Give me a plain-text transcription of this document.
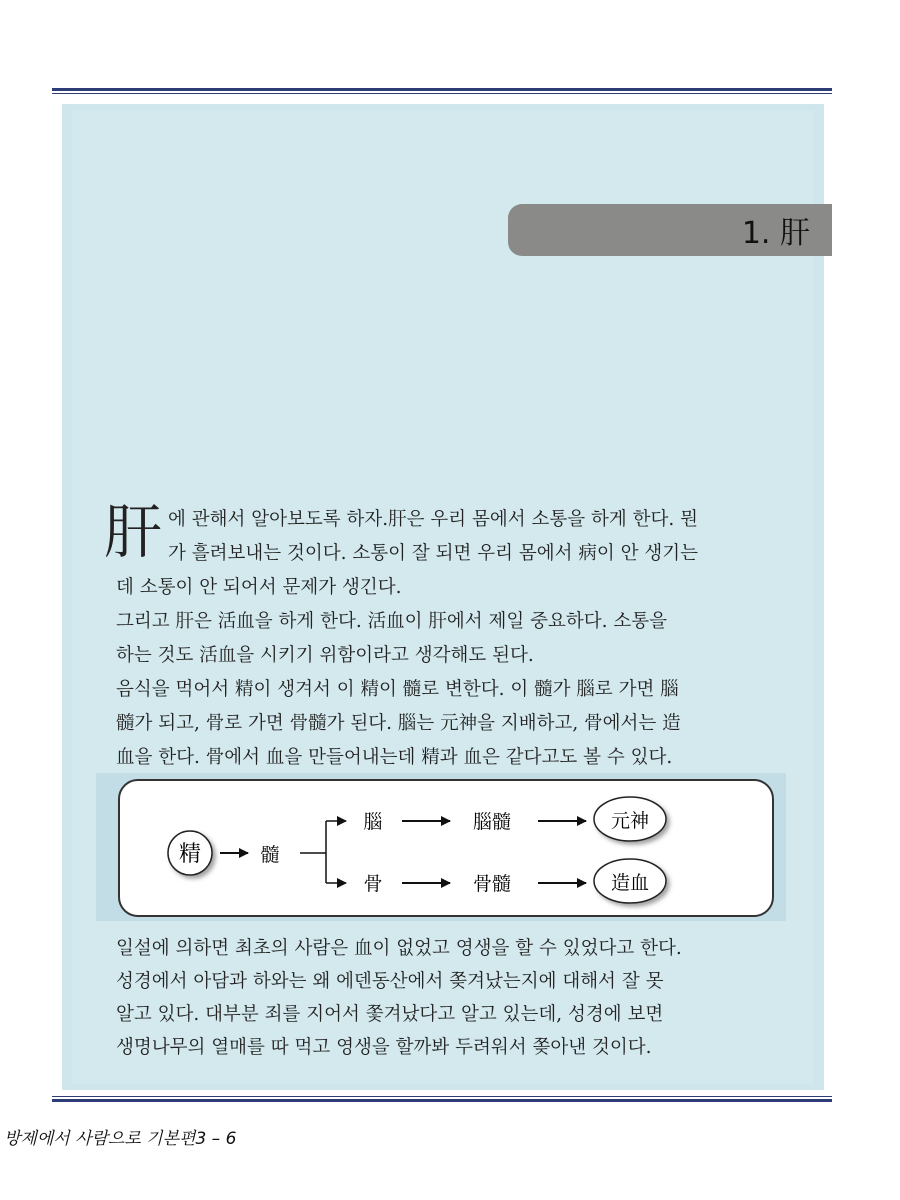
1. 肝
肝 에 관해서 알아보도록 하자.肝은 우리 몸에서 소통을 하게 한다. 뭔
가 흘려보내는 것이다. 소통이 잘 되면 우리 몸에서 病이 안 생기는
데 소통이 안 되어서 문제가 생긴다.

그리고 肝은 活血을 하게 한다. 活血이 肝에서 제일 중요하다. 소통을

하는 것도 活血을 시키기 위함이라고 생각해도 된다.

음식을 먹어서 精이 생겨서 이 精이 髓로 변한다. 이 髓가 腦로 가면 腦

髓가 되고, 骨로 가면 骨髓가 된다. 腦는 元神을 지배하고, 骨에서는 造

血을 한다. 骨에서 血을 만들어내는데 精과 血은 같다고도 볼 수 있다.

精	髓
腦	腦髓	元神
骨	骨髓	造血

일설에 의하면 최초의 사람은 血이 없었고 영생을 할 수 있었다고 한다.

성경에서 아담과 하와는 왜 에덴동산에서 쫒겨났는지에 대해서 잘 못

알고 있다. 대부분 죄를 지어서 쫓겨났다고 알고 있는데, 성경에 보면

생명나무의 열매를 따 먹고 영생을 할까봐 두려워서 쫒아낸 것이다.

방제에서 사람으로 기본편3 – 6
